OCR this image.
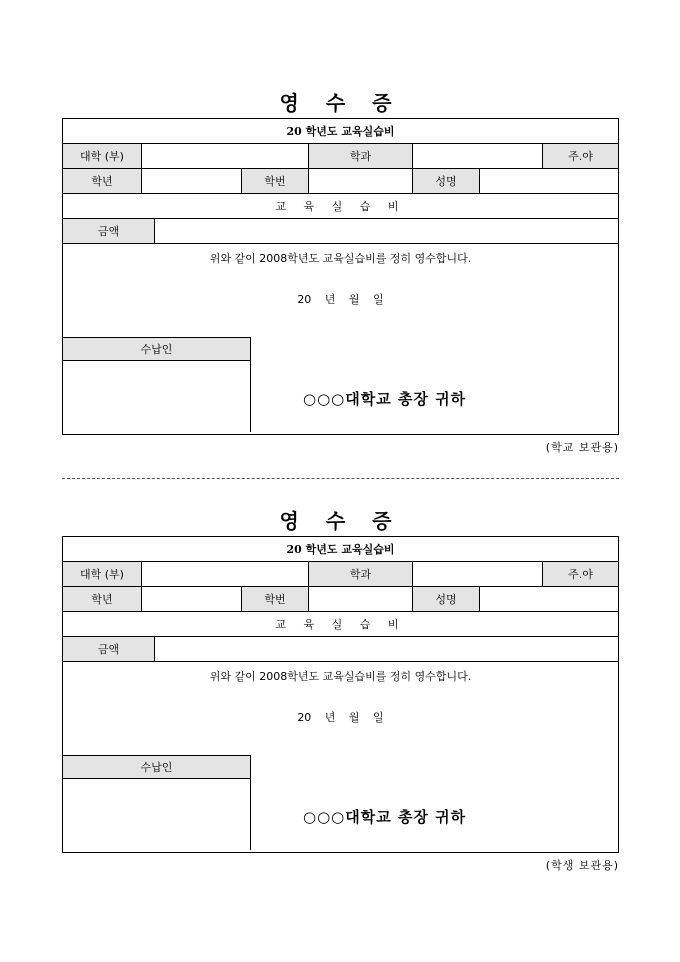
영 수 증
20 학년도 교육실습비
대학 (부)	학과	주.야
학년	학번	성명
교 육 실 습 비
금액
위와 같이 2008학년도 교육실습비를 정히 영수합니다.
20 년 월 일
수납인
○○○대학교 총장 귀하
(학교 보관용)
영 수 증
20 학년도 교육실습비
대학 (부)	학과	주.야
학년	학번	성명
교 육 실 습 비
금액
위와 같이 2008학년도 교육실습비를 정히 영수합니다.
20 년 월 일
수납인
○○○대학교 총장 귀하
(학생 보관용)
